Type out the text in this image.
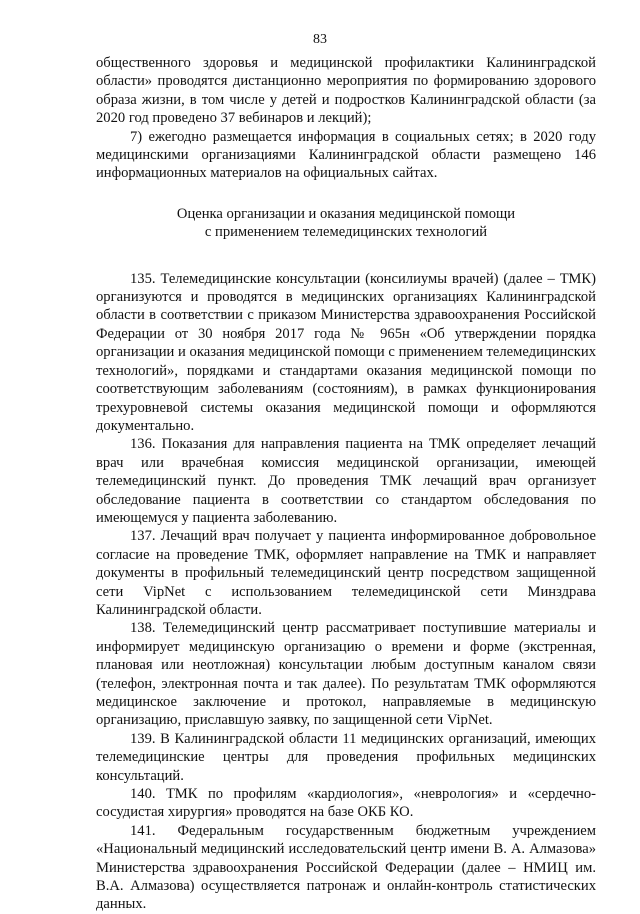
83

общественного здоровья и медицинской профилактики Калининградской области» проводятся дистанционно мероприятия по формированию здорового образа жизни, в том числе у детей и подростков Калининградской области (за 2020 год проведено 37 вебинаров и лекций);

7) ежегодно размещается информация в социальных сетях; в 2020 году медицинскими организациями Калининградской области размещено 146 информационных материалов на официальных сайтах.

Оценка организации и оказания медицинской помощи
с применением телемедицинских технологий

135. Телемедицинские консультации (консилиумы врачей) (далее – ТМК) организуются и проводятся в медицинских организациях Калининградской области в соответствии с приказом Министерства здравоохранения Российской Федерации от 30 ноября 2017 года № 965н «Об утверждении порядка организации и оказания медицинской помощи с применением телемедицинских технологий», порядками и стандартами оказания медицинской помощи по соответствующим заболеваниям (состояниям), в рамках функционирования трехуровневой системы оказания медицинской помощи и оформляются документально.

136. Показания для направления пациента на ТМК определяет лечащий врач или врачебная комиссия медицинской организации, имеющей телемедицинский пункт. До проведения ТМК лечащий врач организует обследование пациента в соответствии со стандартом обследования по имеющемуся у пациента заболеванию.

137. Лечащий врач получает у пациента информированное добровольное согласие на проведение ТМК, оформляет направление на ТМК и направляет документы в профильный телемедицинский центр посредством защищенной сети VipNet с использованием телемедицинской сети Минздрава Калининградской области.

138. Телемедицинский центр рассматривает поступившие материалы и информирует медицинскую организацию о времени и форме (экстренная, плановая или неотложная) консультации любым доступным каналом связи (телефон, электронная почта и так далее). По результатам ТМК оформляются медицинское заключение и протокол, направляемые в медицинскую организацию, приславшую заявку, по защищенной сети VipNet.

139. В Калининградской области 11 медицинских организаций, имеющих телемедицинские центры для проведения профильных медицинских консультаций.

140. ТМК по профилям «кардиология», «неврология» и «сердечно-сосудистая хирургия» проводятся на базе ОКБ КО.

141. Федеральным государственным бюджетным учреждением «Национальный медицинский исследовательский центр имени В. А. Алмазова» Министерства здравоохранения Российской Федерации (далее – НМИЦ им. В.А. Алмазова) осуществляется патронаж и онлайн-контроль статистических данных.
